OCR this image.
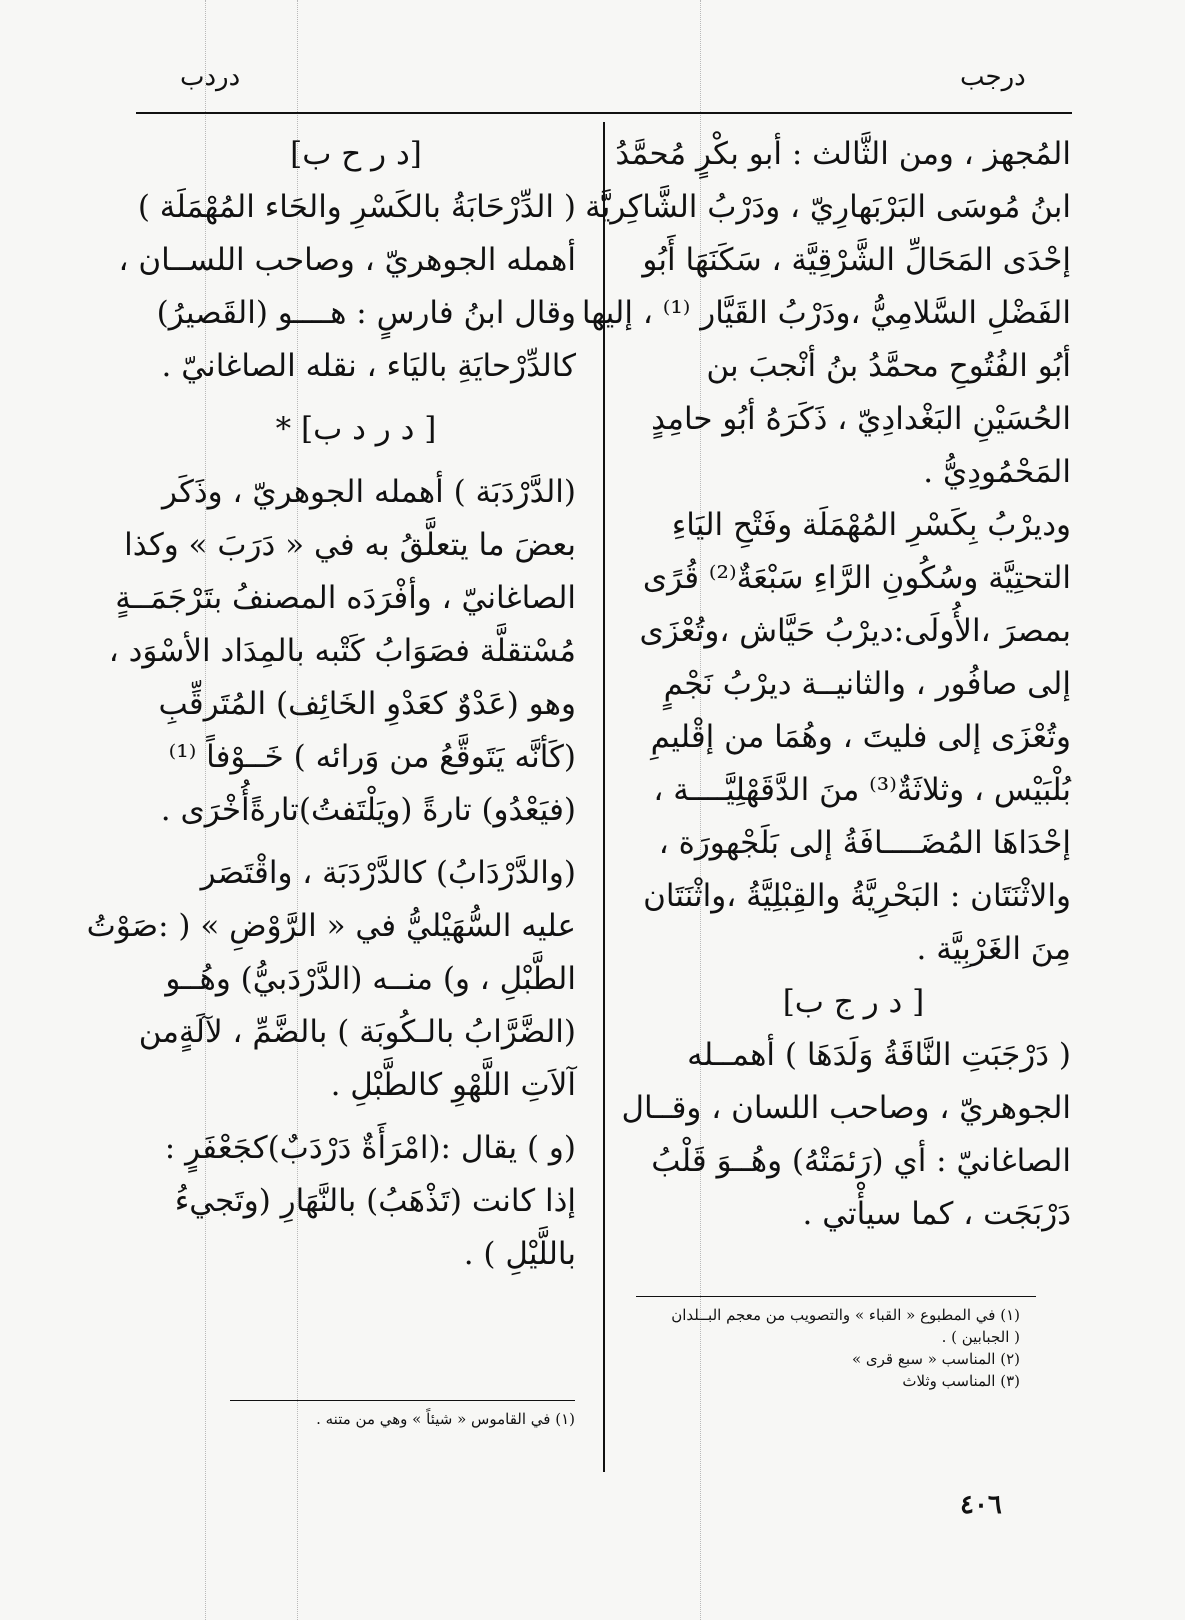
درجب
دردب
المُجهز ، ومن الثَّالث : أبو بكْرٍ مُحمَّدُ
ابنُ مُوسَى البَرْبَهارِيّ ، ودَرْبُ الشَّاكِريَّة
إحْدَى المَحَالِّ الشَّرْقِيَّة ، سَكَنَهَا أَبُو
الفَضْلِ السَّلامِيُّ ،ودَرْبُ القَيَّار ⁽¹⁾ ، إليها
أبُو الفُتُوحِ محمَّدُ بنُ أنْجبَ بن
الحُسَيْنِ البَغْدادِيّ ، ذَكَرَهُ أبُو حامِدٍ
المَحْمُودِيُّ .
وديرْبُ بِكَسْرِ المُهْمَلَة وفَتْحِ اليَاءِ
التحتِيَّة وسُكُونِ الرَّاءِ سَبْعَةٌ⁽²⁾ قُرًى
بمصرَ ،الأُولَى:ديرْبُ حَيَّاش ،وتُعْزَى
إلى صافُور ، والثانيــة ديرْبُ نَجْمٍ
وتُعْزَى إلى فليتَ ، وهُمَا من إقْليمِ
بُلْبَيْس ، وثلاثَةٌ⁽³⁾ منَ الدَّقَهْلِيَّــــة ،
إحْدَاهَا المُضَــــافَةُ إلى بَلَجْهورَة ،
والاثْنَتَان : البَحْرِيَّةُ والقِبْلِيَّةُ ،واثْنَتَان
مِنَ الغَرْبِيَّة .
[ د ر ج ب]
( دَرْجَبَتِ النَّاقَةُ وَلَدَهَا ) أهمــله
الجوهريّ ، وصاحب اللسان ، وقــال
الصاغانيّ : أي (رَئمَتْهُ) وهُــوَ قَلْبُ
دَرْبَجَت ، كما سيأْتي .

(١) في المطبوع « القباء » والتصويب من معجم البــلدان

( الجبابين ) .

(٢) المناسب « سبع قرى »

(٣) المناسب وثلاث

[د ر ح ب]
( الدِّرْحَابَةُ بالكَسْرِ والحَاء المُهْمَلَة )
أهمله الجوهريّ ، وصاحب اللســان ،
وقال ابنُ فارسٍ : هــــو (القَصيرُ)
كالدِّرْحايَةِ باليَاء ، نقله الصاغانيّ .
[ د ر د ب] *
(الدَّرْدَبَة ) أهمله الجوهريّ ، وذَكَر
بعضَ ما يتعلَّقُ به في « دَرَبَ » وكذا
الصاغانيّ ، وأفْرَدَه المصنفُ بتَرْجَمَــةٍ
مُسْتقلَّة فصَوَابُ كَتْبه بالمِدَاد الأسْوَد ،
وهو (عَدْوٌ كعَدْوِ الخَائِف) المُتَرقِّبِ
(كَأنَّه يَتَوقَّعُ من وَرائه ) خَــوْفاً ⁽¹⁾
(فيَعْدُو) تارةً (ويَلْتَفتُ)تارةًأُخْرَى .
(والدَّرْدَابُ) كالدَّرْدَبَة ، واقْتَصَر
عليه السُّهَيْليُّ في « الرَّوْضِ » ( :صَوْتُ
الطَّبْلِ ، و) منــه (الدَّرْدَبيُّ) وهُــو
(الضَّرَّابُ بالـكُوبَة ) بالضَّمِّ ، لآلَةٍمن
آلاَتِ اللَّهْوِ كالطَّبْلِ .
(و ) يقال :(امْرَأَةٌ دَرْدَبٌ)كجَعْفَرٍ :
إذا كانت (تَذْهَبُ) بالنَّهَارِ (وتَجيءُ
باللَّيْلِ ) .

(١) في القاموس « شيئاً » وهي من متنه .

٤٠٦
